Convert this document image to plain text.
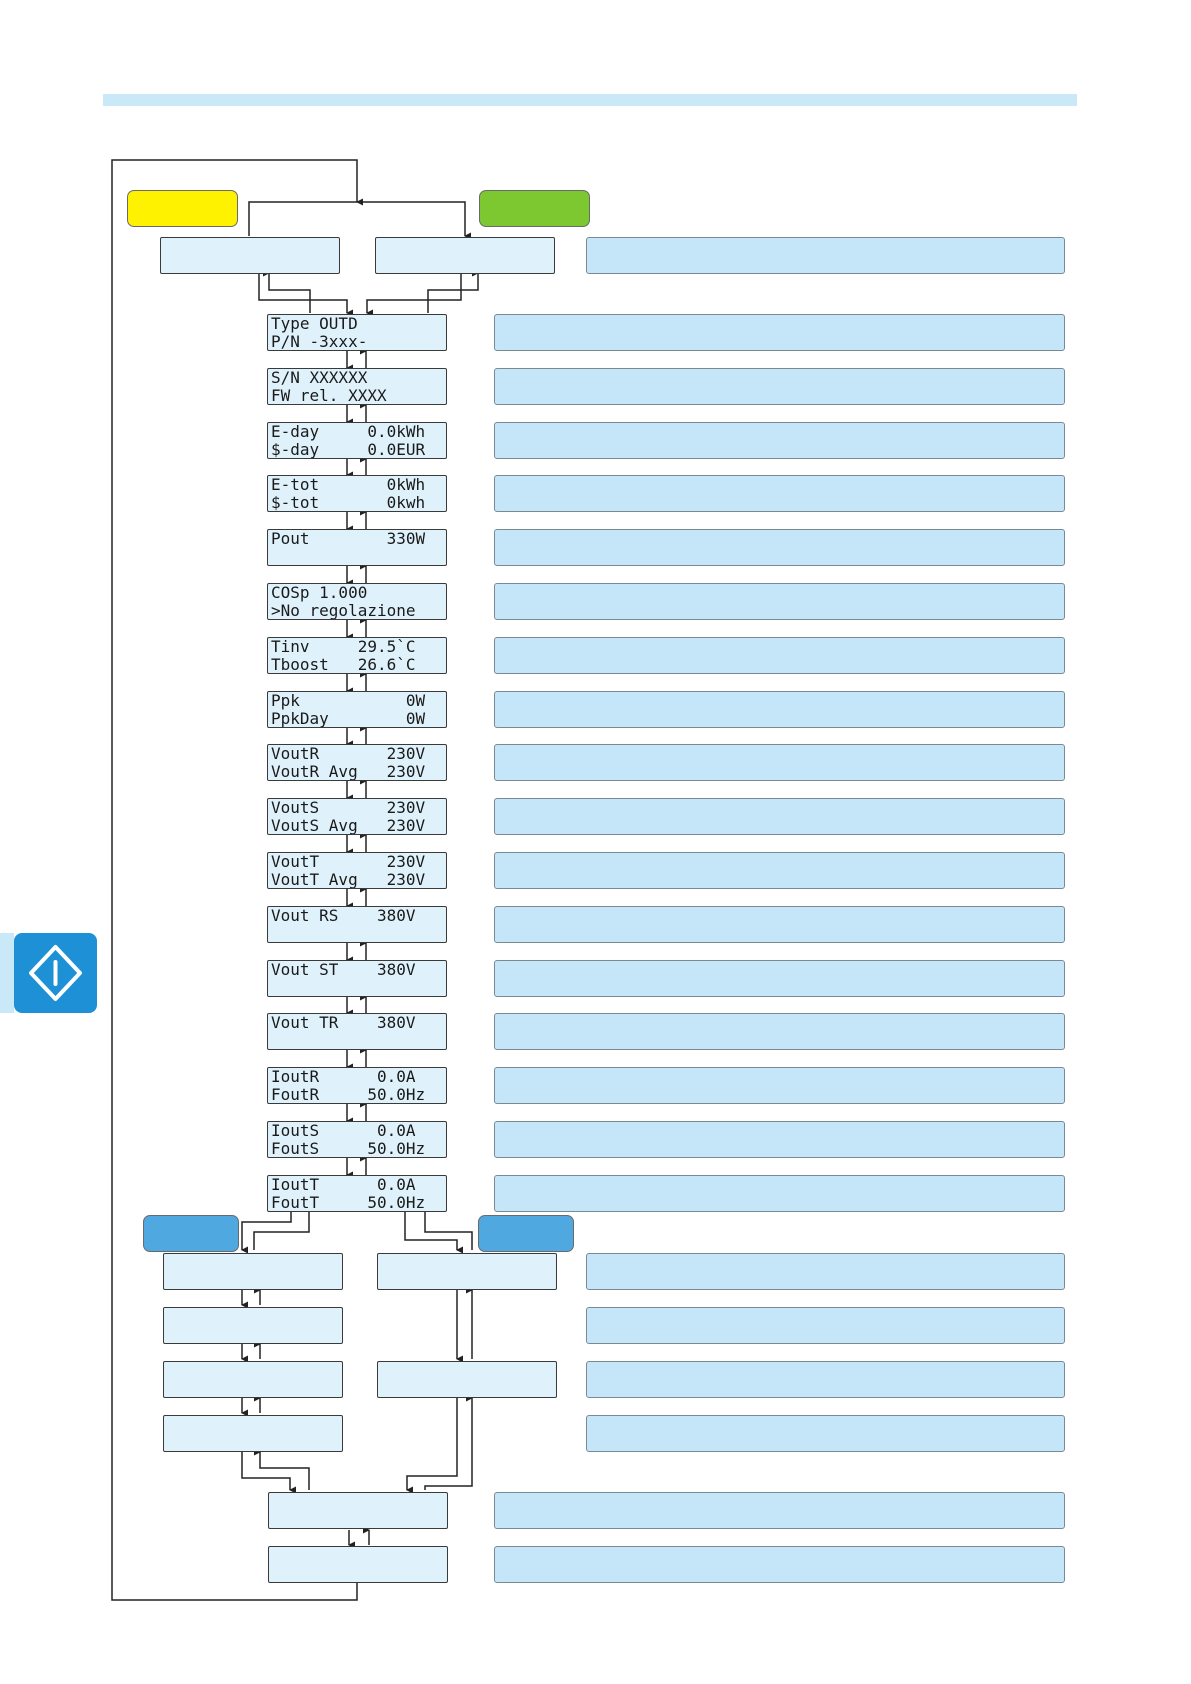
Type OUTD
P/N -3xxx-
S/N XXXXXX
FW rel. XXXX
E-day     0.0kWh
$-day     0.0EUR
E-tot       0kWh
$-tot       0kwh
Pout        330W
COSp 1.000
>No regolazione
Tinv     29.5`C
Tboost   26.6`C
Ppk           0W
PpkDay        0W
VoutR       230V
VoutR Avg   230V
VoutS       230V
VoutS Avg   230V
VoutT       230V
VoutT Avg   230V
Vout RS    380V
Vout ST    380V
Vout TR    380V
IoutR      0.0A
FoutR     50.0Hz
IoutS      0.0A
FoutS     50.0Hz
IoutT      0.0A
FoutT     50.0Hz
